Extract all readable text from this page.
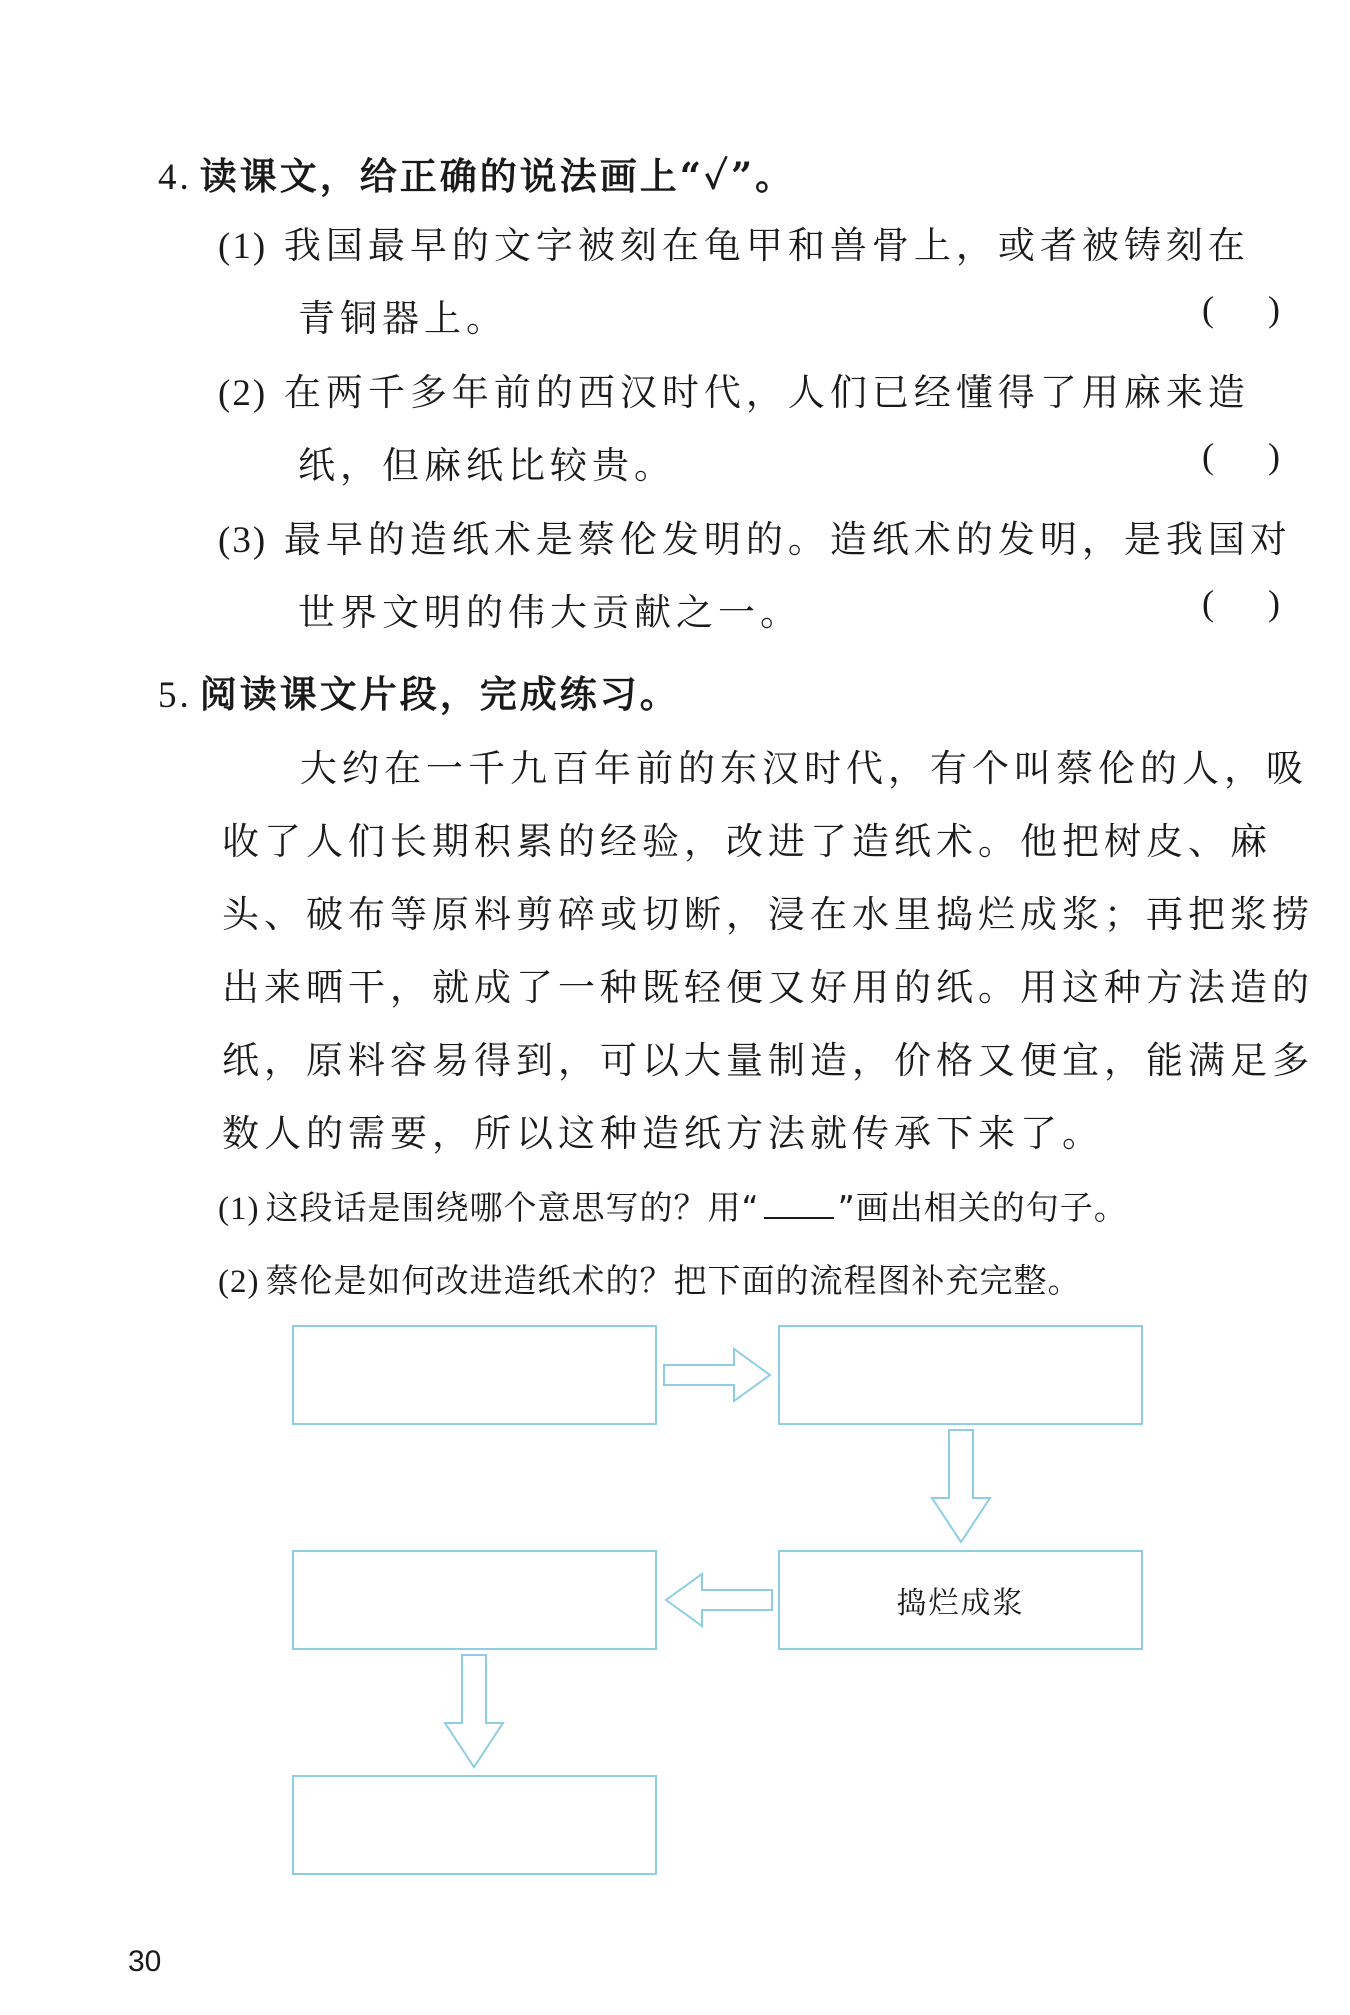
4. 读课文，给正确的说法画上“✓”。
(1) 我国最早的文字被刻在龟甲和兽骨上，或者被铸刻在
青铜器上。	(      )
(2) 在两千多年前的西汉时代，人们已经懂得了用麻来造
纸，但麻纸比较贵。	(      )
(3) 最早的造纸术是蔡伦发明的。造纸术的发明，是我国对
世界文明的伟大贡献之一。	(      )
5. 阅读课文片段，完成练习。
大约在一千九百年前的东汉时代，有个叫蔡伦的人，吸
收了人们长期积累的经验，改进了造纸术。他把树皮、麻
头、破布等原料剪碎或切断，浸在水里捣烂成浆；再把浆捞
出来晒干，就成了一种既轻便又好用的纸。用这种方法造的
纸，原料容易得到，可以大量制造，价格又便宜，能满足多
数人的需要，所以这种造纸方法就传承下来了。
(1) 这段话是围绕哪个意思写的？用“ ”画出相关的句子。
(2) 蔡伦是如何改进造纸术的？把下面的流程图补充完整。
捣烂成浆
30
